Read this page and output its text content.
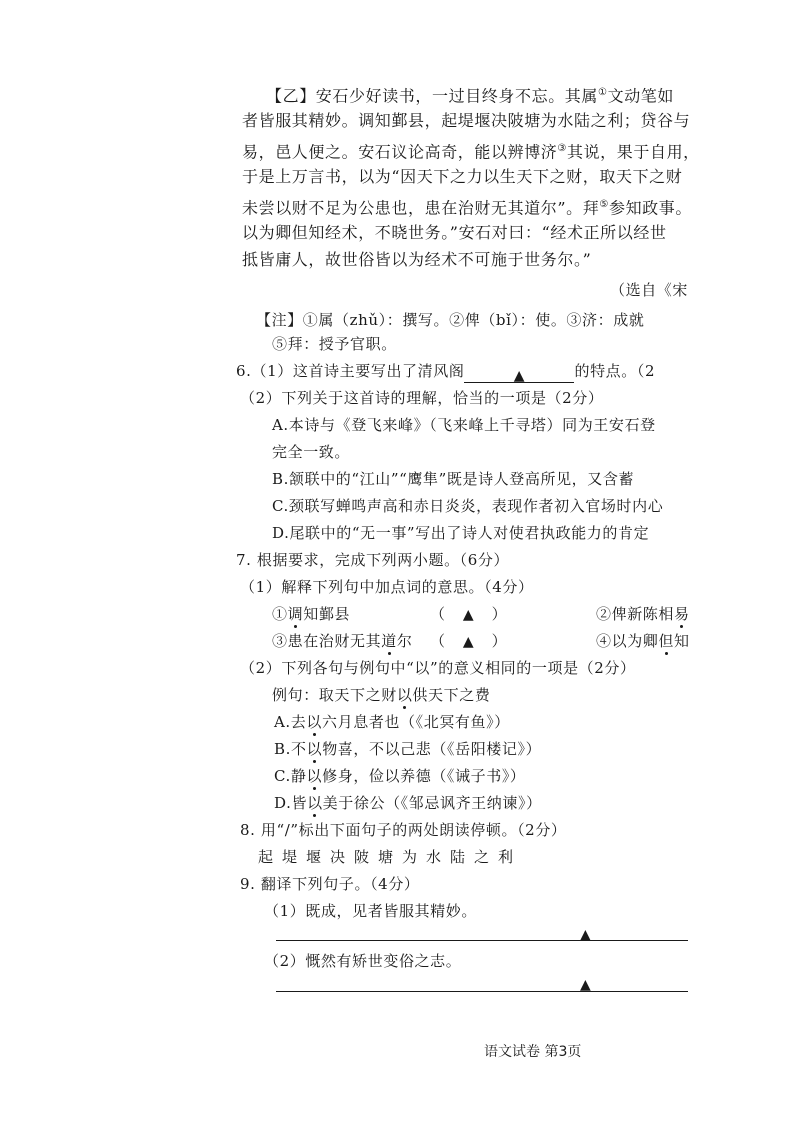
【乙】安石少好读书，一过目终身不忘。其属①文动笔如
者皆服其精妙。调知鄞县，起堤堰决陂塘为水陆之利；贷谷与
易，邑人便之。安石议论高奇，能以辨博济③其说，果于自用，
于是上万言书，以为“因天下之力以生天下之财，取天下之财
未尝以财不足为公患也，患在治财无其道尔”。拜⑤参知政事。
以为卿但知经术，不晓世务。”安石对曰：“经术正所以经世
抵皆庸人，故世俗皆以为经术不可施于世务尔。”
（选自《宋
【注】①属（zhǔ）：撰写。②俾（bǐ）：使。③济：成就
⑤拜：授予官职。
6.（1）这首诗主要写出了清风阁	▲	的特点。（2
（2）下列关于这首诗的理解，恰当的一项是（2分）
A.本诗与《登飞来峰》（飞来峰上千寻塔）同为王安石登
完全一致。
B.颔联中的“江山”“鹰隼”既是诗人登高所见，又含蓄
C.颈联写蝉鸣声高和赤日炎炎，表现作者初入官场时内心
D.尾联中的“无一事”写出了诗人对使君执政能力的肯定
7. 根据要求，完成下列两小题。（6分）
（1）解释下列句中加点词的意思。（4分）
①调知鄞县	（ ▲ ）	②俾新陈相易
③患在治财无其道尔 （ ▲ ）	④以为卿但知
（2）下列各句与例句中“以”的意义相同的一项是（2分）
例句：取天下之财以供天下之费
A.去以六月息者也（《北冥有鱼》）
B.不以物喜，不以己悲（《岳阳楼记》）
C.静以修身，俭以养德（《诫子书》）
D.皆以美于徐公（《邹忌讽齐王纳谏》）
8. 用“/”标出下面句子的两处朗读停顿。（2分）
起堤堰决陂塘为水陆之利
9. 翻译下列句子。（4分）
（1）既成，见者皆服其精妙。
▲
（2）慨然有矫世变俗之志。
▲
语文试卷 第3页
